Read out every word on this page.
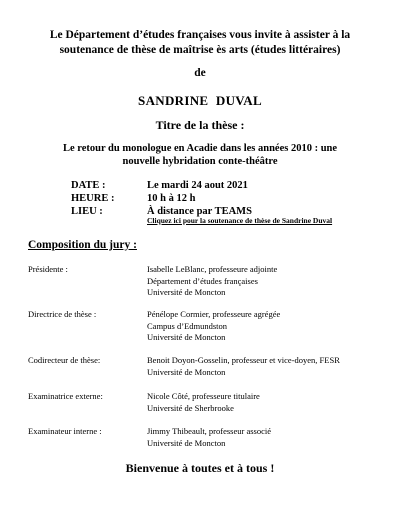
Le Département d’études françaises vous invite à assister à la
soutenance de thèse de maîtrise ès arts (études littéraires)
de
SANDRINE DUVAL
Titre de la thèse :
Le retour du monologue en Acadie dans les années 2010 : une
nouvelle hybridation conte-théâtre
DATE :	Le mardi 24 aout 2021
HEURE :	10 h à 12 h
LIEU :	À distance par TEAMS
Cliquez ici pour la soutenance de thèse de Sandrine Duval
Composition du jury :
Présidente :	Isabelle LeBlanc, professeure adjointe
Département d’études françaises
Université de Moncton
Directrice de thèse :	Pénélope Cormier, professeure agrégée
Campus d’Edmundston
Université de Moncton
Codirecteur de thèse:	Benoit Doyon-Gosselin, professeur et vice-doyen, FESR
Université de Moncton
Examinatrice externe:	Nicole Côté, professeure titulaire
Université de Sherbrooke
Examinateur interne :	Jimmy Thibeault, professeur associé
Université de Moncton
Bienvenue à toutes et à tous !
